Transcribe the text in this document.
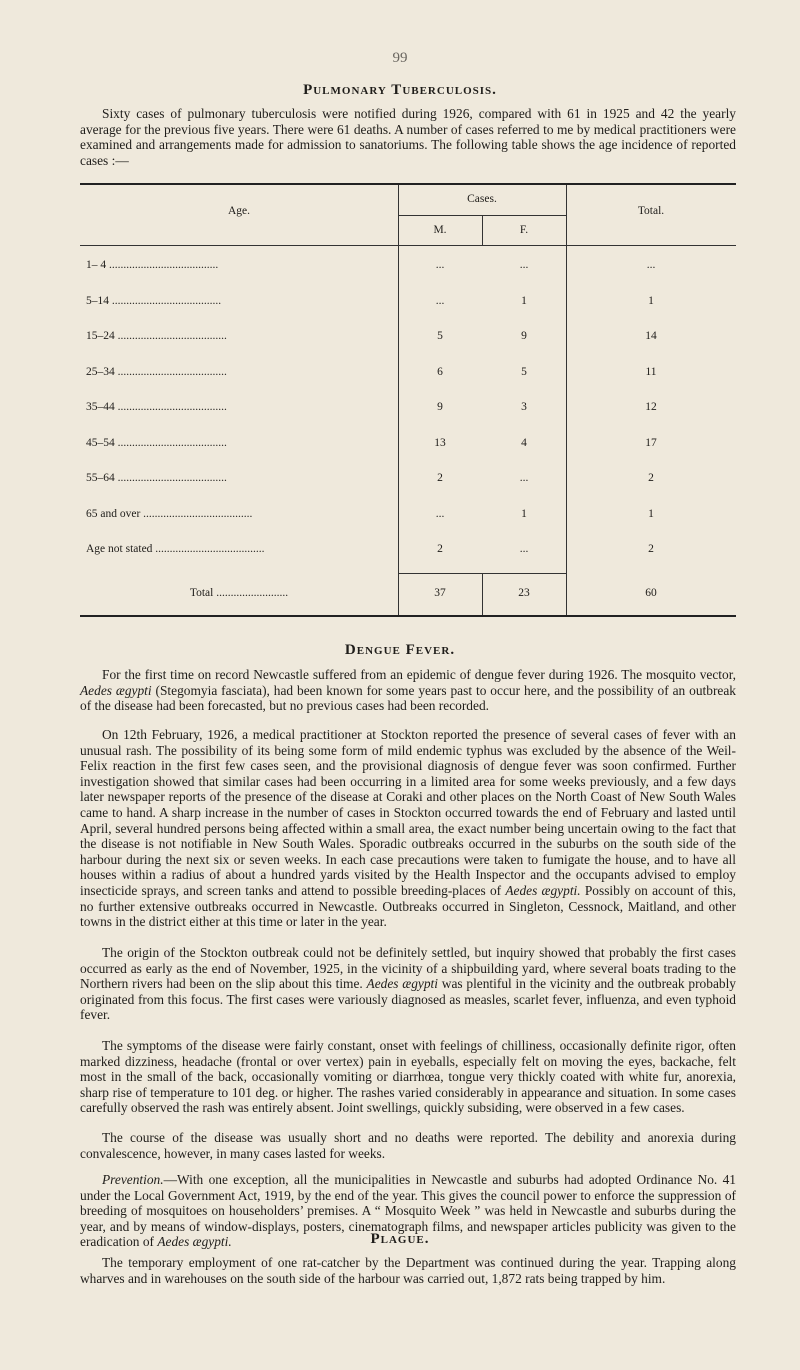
99
Pulmonary Tuberculosis.

Sixty cases of pulmonary tuberculosis were notified during 1926, compared with 61 in 1925 and 42 the yearly average for the previous five years. There were 61 deaths. A number of cases referred to me by medical practitioners were examined and arrangements made for admission to sanatoriums. The following table shows the age incidence of reported cases :—

Age.
Cases.
M.	F.
Total.
1– 4 ......................................	...	...	...
5–14 ......................................	...	1	1
15–24 ......................................	5	9	14
25–34 ......................................	6	5	11
35–44 ......................................	9	3	12
45–54 ......................................	13	4	17
55–64 ......................................	2	...	2
65 and over ......................................	...	1	1
Age not stated ......................................	2	...	2
Total .........................	37	23	60
Dengue Fever.

For the first time on record Newcastle suffered from an epidemic of dengue fever during 1926. The mosquito vector, Aedes ægypti (Stegomyia fasciata), had been known for some years past to occur here, and the possibility of an outbreak of the disease had been forecasted, but no previous cases had been recorded.

On 12th February, 1926, a medical practitioner at Stockton reported the presence of several cases of fever with an unusual rash. The possibility of its being some form of mild endemic typhus was excluded by the absence of the Weil-Felix reaction in the first few cases seen, and the provisional diagnosis of dengue fever was soon confirmed. Further investigation showed that similar cases had been occurring in a limited area for some weeks previously, and a few days later newspaper reports of the presence of the disease at Coraki and other places on the North Coast of New South Wales came to hand. A sharp increase in the number of cases in Stockton occurred towards the end of February and lasted until April, several hundred persons being affected within a small area, the exact number being uncertain owing to the fact that the disease is not notifiable in New South Wales. Sporadic outbreaks occurred in the suburbs on the south side of the harbour during the next six or seven weeks. In each case precautions were taken to fumigate the house, and to have all houses within a radius of about a hundred yards visited by the Health Inspector and the occupants advised to employ insecticide sprays, and screen tanks and attend to possible breeding-places of Aedes ægypti. Possibly on account of this, no further extensive outbreaks occurred in Newcastle. Outbreaks occurred in Singleton, Cessnock, Maitland, and other towns in the district either at this time or later in the year.

The origin of the Stockton outbreak could not be definitely settled, but inquiry showed that probably the first cases occurred as early as the end of November, 1925, in the vicinity of a shipbuilding yard, where several boats trading to the Northern rivers had been on the slip about this time. Aedes ægypti was plentiful in the vicinity and the outbreak probably originated from this focus. The first cases were variously diagnosed as measles, scarlet fever, influenza, and even typhoid fever.

The symptoms of the disease were fairly constant, onset with feelings of chilliness, occasionally definite rigor, often marked dizziness, headache (frontal or over vertex) pain in eyeballs, especially felt on moving the eyes, backache, felt most in the small of the back, occasionally vomiting or diarrhœa, tongue very thickly coated with white fur, anorexia, sharp rise of temperature to 101 deg. or higher. The rashes varied considerably in appearance and situation. In some cases carefully observed the rash was entirely absent. Joint swellings, quickly subsiding, were observed in a few cases.

The course of the disease was usually short and no deaths were reported. The debility and anorexia during convalescence, however, in many cases lasted for weeks.

Prevention.—With one exception, all the municipalities in Newcastle and suburbs had adopted Ordinance No. 41 under the Local Government Act, 1919, by the end of the year. This gives the council power to enforce the suppression of breeding of mosquitoes on householders’ premises. A “ Mosquito Week ” was held in Newcastle and suburbs during the year, and by means of window-displays, posters, cinematograph films, and newspaper articles publicity was given to the eradication of Aedes ægypti.	Plague.

The temporary employment of one rat-catcher by the Department was continued during the year. Trapping along wharves and in warehouses on the south side of the harbour was carried out, 1,872 rats being trapped by him.
